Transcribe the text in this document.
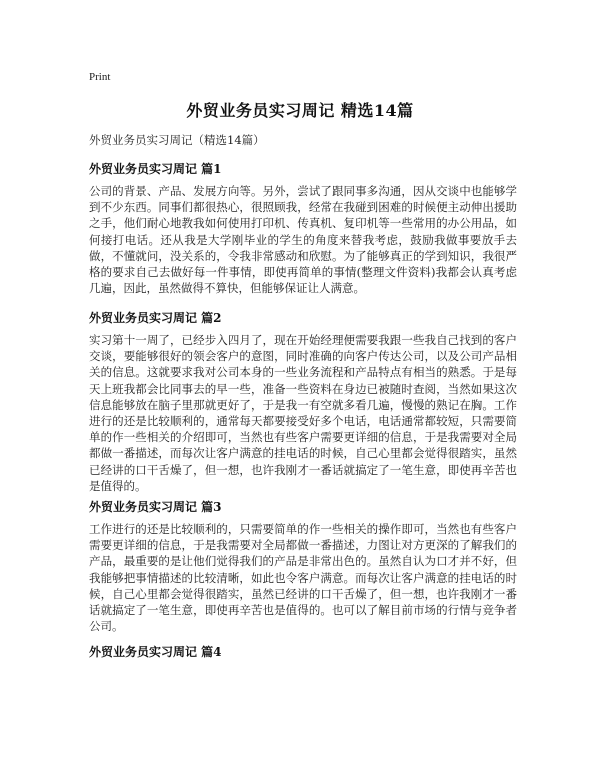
Print
外贸业务员实习周记 精选14篇
外贸业务员实习周记（精选14篇）
外贸业务员实习周记 篇1

公司的背景、产品、发展方向等。另外，尝试了跟同事多沟通，因从交谈中也能够学到不少东西。同事们都很热心，很照顾我，经常在我碰到困难的时候便主动伸出援助之手，他们耐心地教我如何使用打印机、传真机、复印机等一些常用的办公用品，如何接打电话。还从我是大学刚毕业的学生的角度来替我考虑，鼓励我做事要放手去做，不懂就问，没关系的，令我非常感动和欣慰。为了能够真正的学到知识，我很严格的要求自己去做好每一件事情，即使再简单的事情(整理文件资料)我都会认真考虑几遍，因此，虽然做得不算快，但能够保证让人满意。

外贸业务员实习周记 篇2

实习第十一周了，已经步入四月了，现在开始经理便需要我跟一些我自己找到的客户交谈，要能够很好的领会客户的意图，同时准确的向客户传达公司，以及公司产品相关的信息。这就要求我对公司本身的一些业务流程和产品特点有相当的熟悉。于是每天上班我都会比同事去的早一些，准备一些资料在身边已被随时查阅，当然如果这次信息能够放在脑子里那就更好了，于是我一有空就多看几遍，慢慢的熟记在胸。工作进行的还是比较顺利的，通常每天都要接受好多个电话，电话通常都较短，只需要简单的作一些相关的介绍即可，当然也有些客户需要更详细的信息，于是我需要对全局都做一番描述，而每次让客户满意的挂电话的时候，自己心里都会觉得很踏实，虽然已经讲的口干舌燥了，但一想，也许我刚才一番话就搞定了一笔生意，即使再辛苦也是值得的。

外贸业务员实习周记 篇3

工作进行的还是比较顺利的，只需要简单的作一些相关的操作即可，当然也有些客户需要更详细的信息，于是我需要对全局都做一番描述，力图让对方更深的了解我们的产品，最重要的是让他们觉得我们的产品是非常出色的。虽然自认为口才并不好，但我能够把事情描述的比较清晰，如此也令客户满意。而每次让客户满意的挂电话的时候，自己心里都会觉得很踏实，虽然已经讲的口干舌燥了，但一想，也许我刚才一番话就搞定了一笔生意，即使再辛苦也是值得的。也可以了解目前市场的行情与竞争者公司。

外贸业务员实习周记 篇4
